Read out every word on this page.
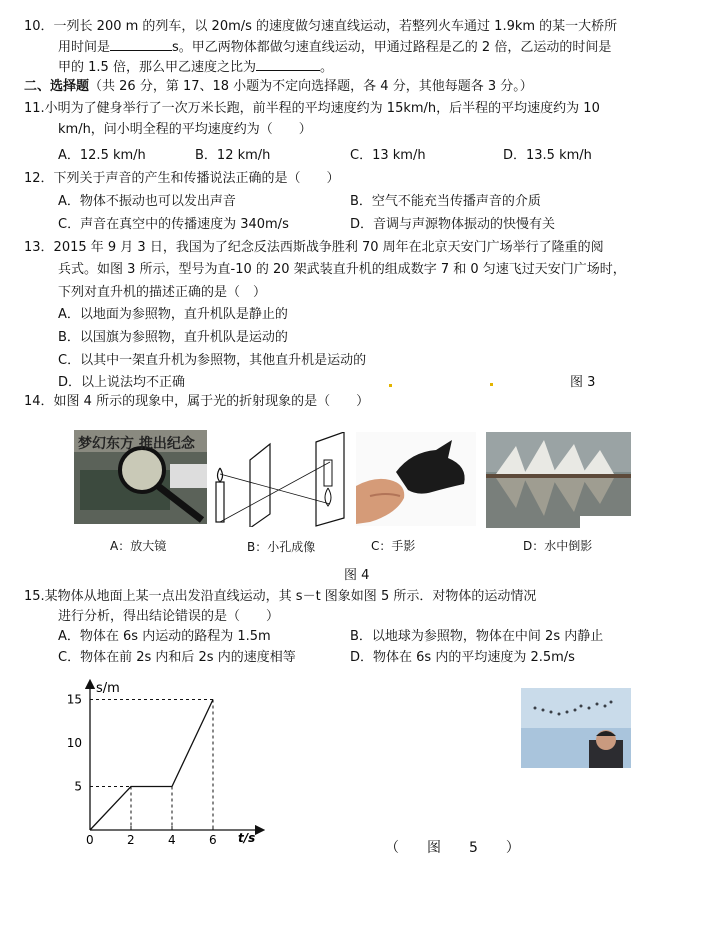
10．一列长 200 m 的列车，以 20m/s 的速度做匀速直线运动，若整列火车通过 1.9km 的某一大桥所
用时间是	s。甲乙两物体都做匀速直线运动，甲通过路程是乙的 2 倍，乙运动的时间是
甲的 1.5 倍，那么甲乙速度之比为	。
二、选择题（共 26 分，第 17、18 小题为不定向选择题，各 4 分，其他每题各 3 分。）
11.小明为了健身举行了一次万米长跑，前半程的平均速度约为 15km/h，后半程的平均速度约为 10
km/h，问小明全程的平均速度约为（　　）
A．12.5 km/h	B．12 km/h	C．13 km/h	D．13.5 km/h
12．下列关于声音的产生和传播说法正确的是（　　）
A．物体不振动也可以发出声音	B．空气不能充当传播声音的介质
C．声音在真空中的传播速度为 340m/s	D．音调与声源物体振动的快慢有关
13．2015 年 9 月 3 日，我国为了纪念反法西斯战争胜利 70 周年在北京天安门广场举行了隆重的阅
兵式。如图 3 所示，型号为直-10 的 20 架武装直升机的组成数字 7 和 0 匀速飞过天安门广场时，
下列对直升机的描述正确的是（　）
A．以地面为参照物，直升机队是静止的
B．以国旗为参照物，直升机队是运动的
C．以其中一架直升机为参照物，其他直升机是运动的
D．以上说法均不正确	图 3
14．如图 4 所示的现象中，属于光的折射现象的是（　　）
梦幻东方 推出纪念
A：放大镜	B：小孔成像	C：手影	D：水中倒影
图 4
15.某物体从地面上某一点出发沿直线运动，其 s－t 图象如图 5 所示．对物体的运动情况
进行分析，得出结论错误的是（　　）
A．物体在 6s 内运动的路程为 1.5m	B．以地球为参照物，物体在中间 2s 内静止
C．物体在前 2s 内和后 2s 内的速度相等	D．物体在 6s 内的平均速度为 2.5m/s
s/m
t/s
0	2	4	6
5
10
15
（　　图　　5　　）
